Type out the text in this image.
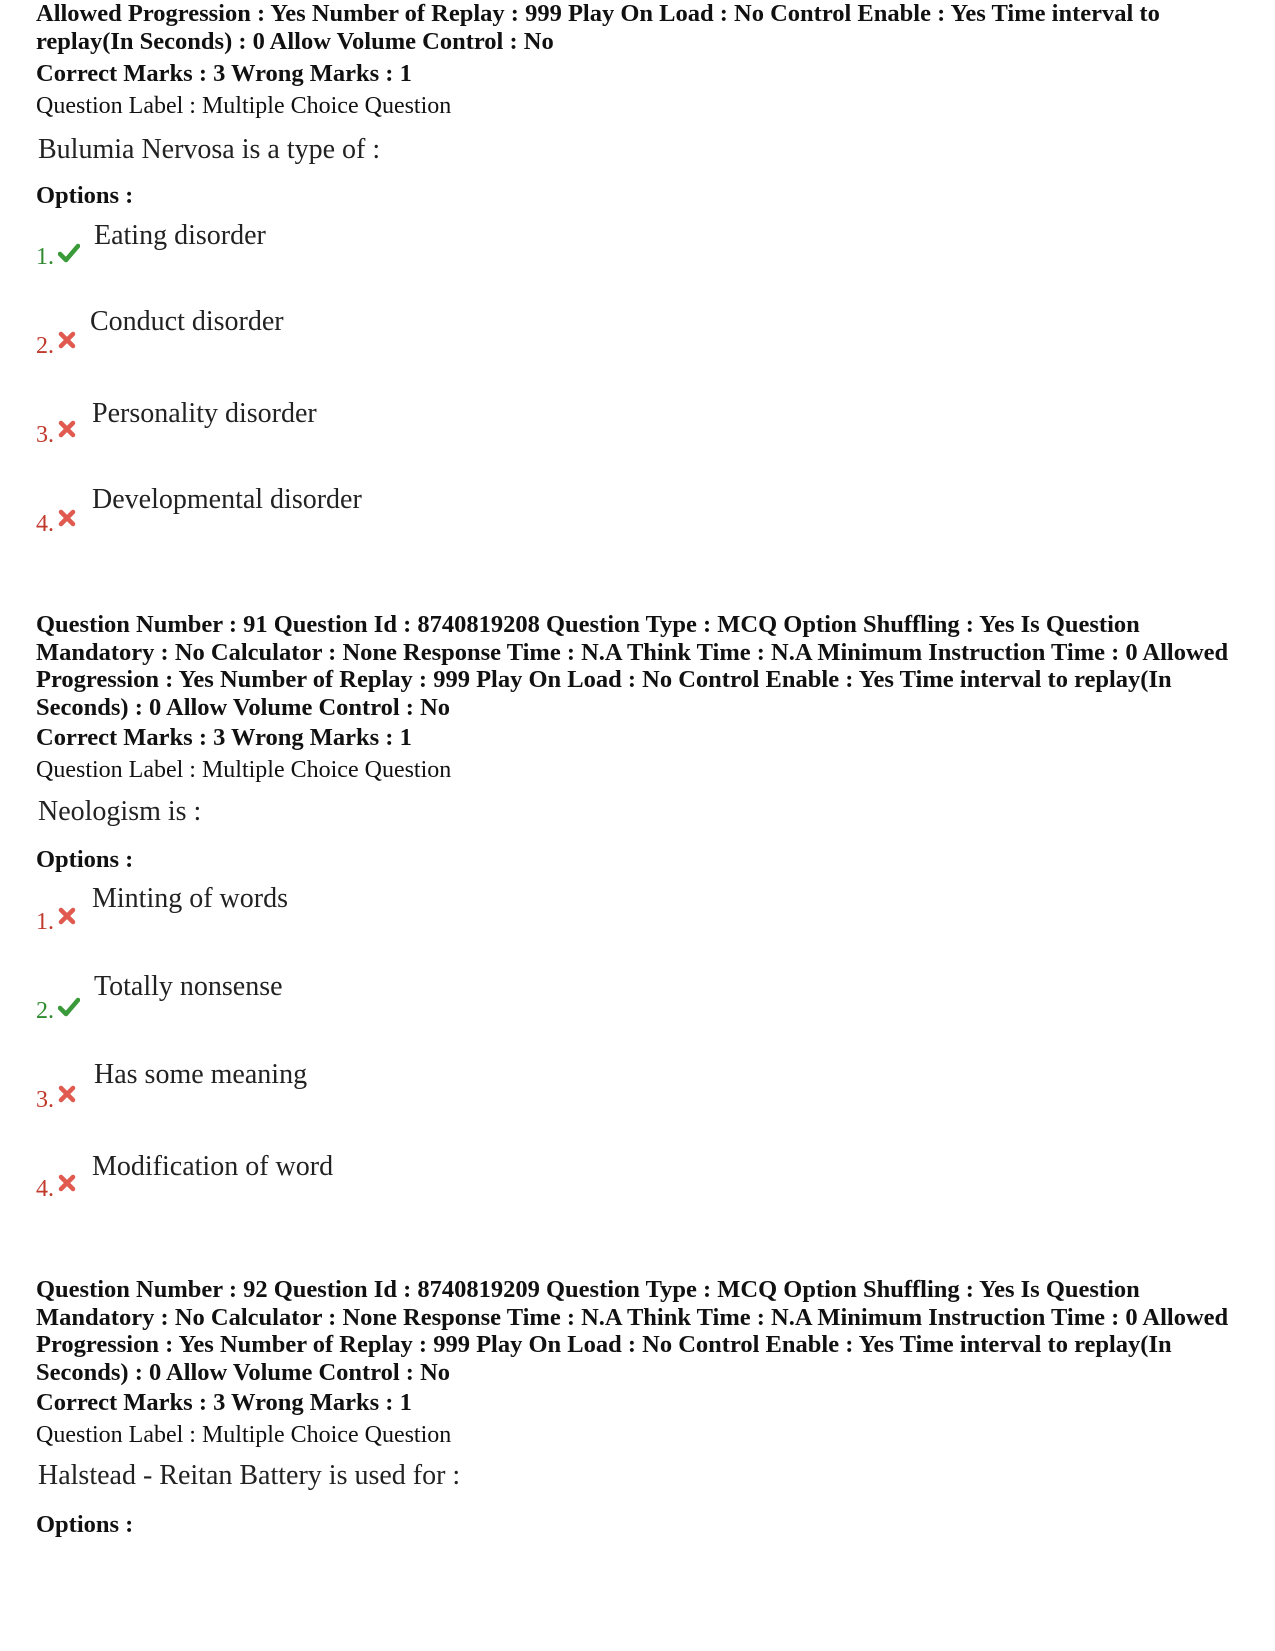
Allowed Progression : Yes Number of Replay : 999 Play On Load : No Control Enable : Yes Time interval to replay(In Seconds) : 0 Allow Volume Control : No

Correct Marks : 3 Wrong Marks : 1
Question Label : Multiple Choice Question
Bulumia Nervosa is a type of :
Options :
1.
Eating disorder
2.
Conduct disorder
3.
Personality disorder
4.
Developmental disorder

Question Number : 91 Question Id : 8740819208 Question Type : MCQ Option Shuffling : Yes Is Question Mandatory : No Calculator : None Response Time : N.A Think Time : N.A Minimum Instruction Time : 0 Allowed Progression : Yes Number of Replay : 999 Play On Load : No Control Enable : Yes Time interval to replay(In Seconds) : 0 Allow Volume Control : No

Correct Marks : 3 Wrong Marks : 1
Question Label : Multiple Choice Question
Neologism is :
Options :
1.
Minting of words
2.
Totally nonsense
3.
Has some meaning
4.
Modification of word

Question Number : 92 Question Id : 8740819209 Question Type : MCQ Option Shuffling : Yes Is Question Mandatory : No Calculator : None Response Time : N.A Think Time : N.A Minimum Instruction Time : 0 Allowed Progression : Yes Number of Replay : 999 Play On Load : No Control Enable : Yes Time interval to replay(In Seconds) : 0 Allow Volume Control : No

Correct Marks : 3 Wrong Marks : 1
Question Label : Multiple Choice Question
Halstead - Reitan Battery is used for :
Options :
